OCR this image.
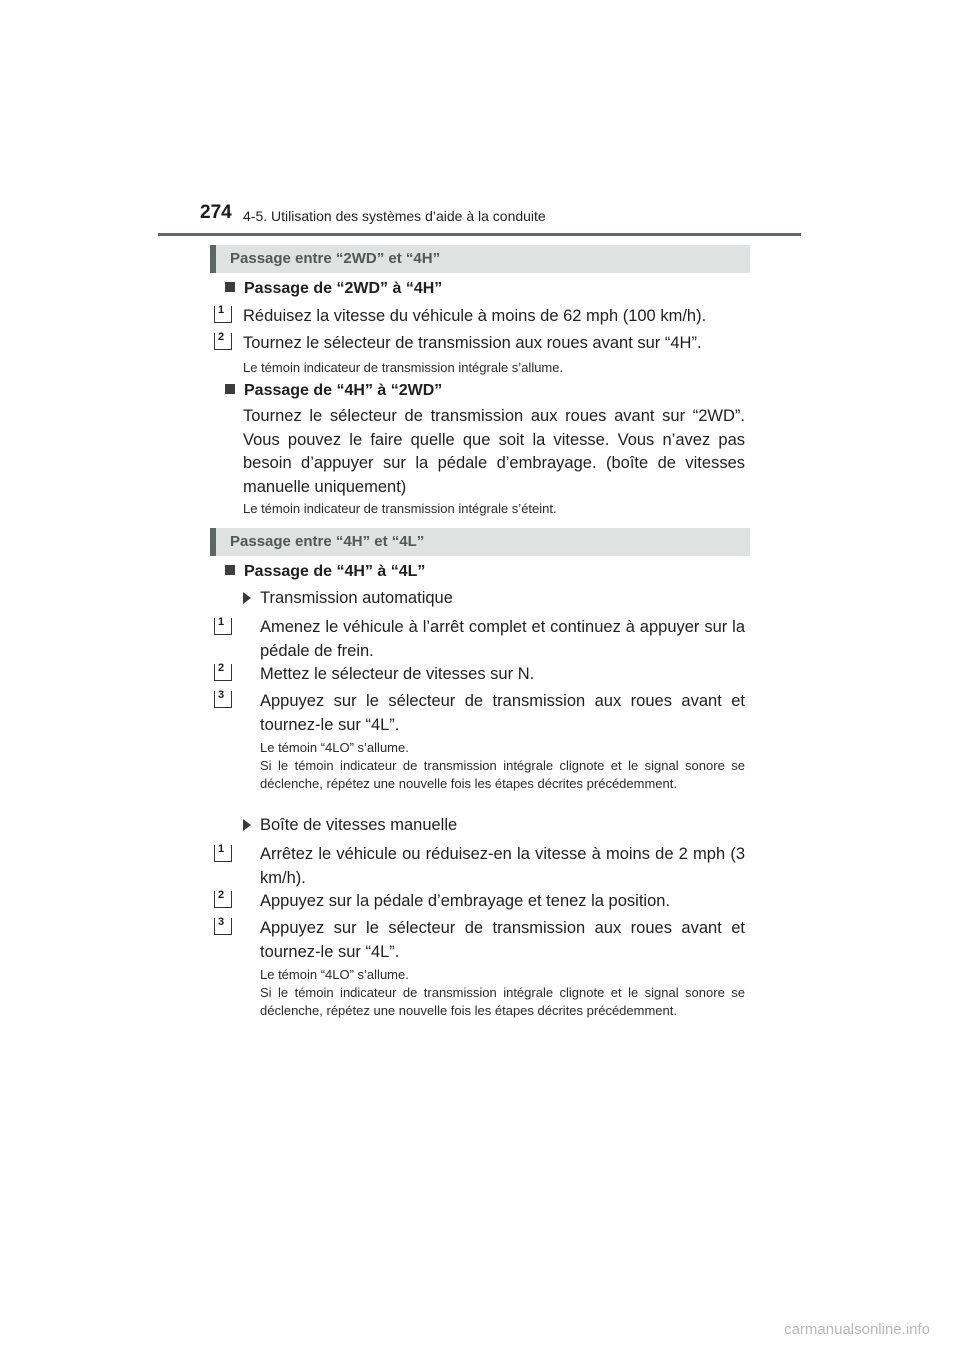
274 4-5. Utilisation des systèmes d’aide à la conduite
Passage entre “2WD” et “4H”
Passage de “2WD” à “4H”
1 Réduisez la vitesse du véhicule à moins de 62 mph (100 km/h).
2 Tournez le sélecteur de transmission aux roues avant sur “4H”.
Le témoin indicateur de transmission intégrale s’allume.
Passage de “4H” à “2WD”
Tournez le sélecteur de transmission aux roues avant sur “2WD”. Vous pouvez le faire quelle que soit la vitesse. Vous n’avez pas besoin d’appuyer sur la pédale d’embrayage. (boîte de vitesses manuelle uniquement)
Le témoin indicateur de transmission intégrale s’éteint.
Passage entre “4H” et “4L”
Passage de “4H” à “4L”
Transmission automatique
1 Amenez le véhicule à l’arrêt complet et continuez à appuyer sur la pédale de frein.
2 Mettez le sélecteur de vitesses sur N.
3 Appuyez sur le sélecteur de transmission aux roues avant et tournez-le sur “4L”.
Le témoin “4LO” s’allume.
Si le témoin indicateur de transmission intégrale clignote et le signal sonore se déclenche, répétez une nouvelle fois les étapes décrites précédemment.
Boîte de vitesses manuelle
1 Arrêtez le véhicule ou réduisez-en la vitesse à moins de 2 mph (3 km/h).
2 Appuyez sur la pédale d’embrayage et tenez la position.
3 Appuyez sur le sélecteur de transmission aux roues avant et tournez-le sur “4L”.
Le témoin “4LO” s’allume.
Si le témoin indicateur de transmission intégrale clignote et le signal sonore se déclenche, répétez une nouvelle fois les étapes décrites précédemment.
carmanualsonline.info
